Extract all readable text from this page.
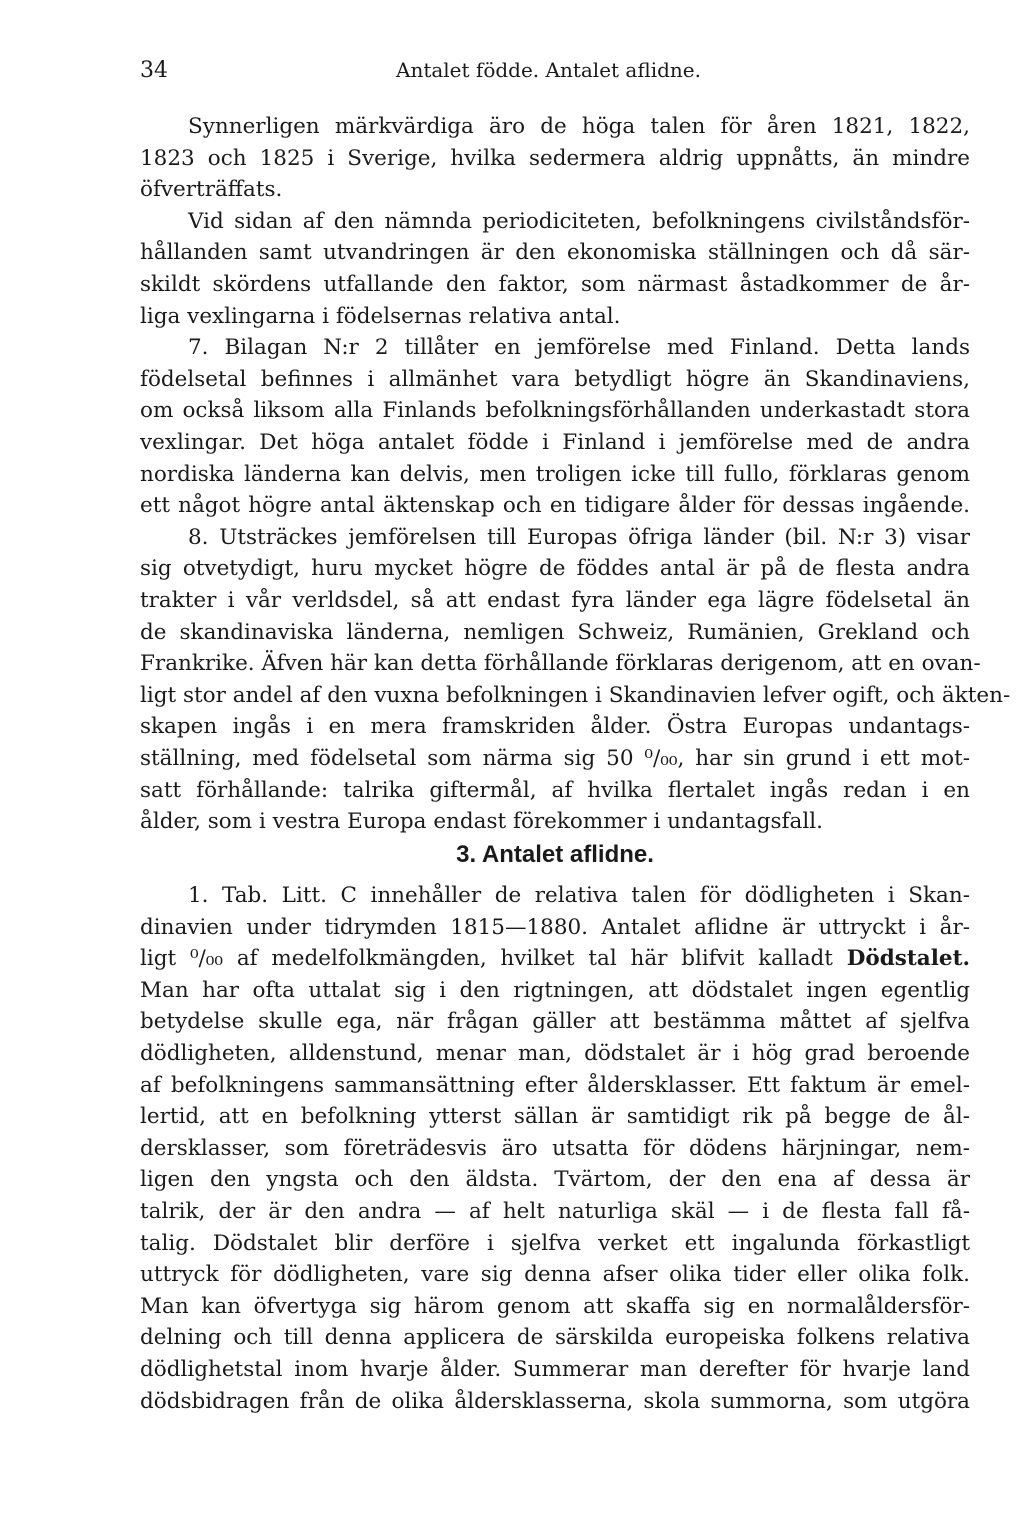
34	Antalet födde. Antalet aflidne.
Synnerligen märkvärdiga äro de höga talen för åren 1821, 1822,
1823 och 1825 i Sverige, hvilka sedermera aldrig uppnåtts, än mindre
öfverträffats.
Vid sidan af den nämnda periodiciteten, befolkningens civilståndsför-
hållanden samt utvandringen är den ekonomiska ställningen och då sär-
skildt skördens utfallande den faktor, som närmast åstadkommer de år-
liga vexlingarna i födelsernas relativa antal.
7. Bilagan N:r 2 tillåter en jemförelse med Finland. Detta lands
födelsetal befinnes i allmänhet vara betydligt högre än Skandinaviens,
om också liksom alla Finlands befolkningsförhållanden underkastadt stora
vexlingar. Det höga antalet födde i Finland i jemförelse med de andra
nordiska länderna kan delvis, men troligen icke till fullo, förklaras genom
ett något högre antal äktenskap och en tidigare ålder för dessas ingående.
8. Utsträckes jemförelsen till Europas öfriga länder (bil. N:r 3) visar
sig otvetydigt, huru mycket högre de föddes antal är på de flesta andra
trakter i vår verldsdel, så att endast fyra länder ega lägre födelsetal än
de skandinaviska länderna, nemligen Schweiz, Rumänien, Grekland och
Frankrike. Äfven här kan detta förhållande förklaras derigenom, att en ovan-
ligt stor andel af den vuxna befolkningen i Skandinavien lefver ogift, och äkten-
skapen ingås i en mera framskriden ålder. Östra Europas undantags-
ställning, med födelsetal som närma sig 50 ⁰/₀₀, har sin grund i ett mot-
satt förhållande: talrika giftermål, af hvilka flertalet ingås redan i en
ålder, som i vestra Europa endast förekommer i undantagsfall.
3. Antalet aflidne.
1. Tab. Litt. C innehåller de relativa talen för dödligheten i Skan-
dinavien under tidrymden 1815—1880. Antalet aflidne är uttryckt i år-
ligt ⁰/₀₀ af medelfolkmängden, hvilket tal här blifvit kalladt Dödstalet.
Man har ofta uttalat sig i den rigtningen, att dödstalet ingen egentlig
betydelse skulle ega, när frågan gäller att bestämma måttet af sjelfva
dödligheten, alldenstund, menar man, dödstalet är i hög grad beroende
af befolkningens sammansättning efter åldersklasser. Ett faktum är emel-
lertid, att en befolkning ytterst sällan är samtidigt rik på begge de ål-
dersklasser, som företrädesvis äro utsatta för dödens härjningar, nem-
ligen den yngsta och den äldsta. Tvärtom, der den ena af dessa är
talrik, der är den andra — af helt naturliga skäl — i de flesta fall få-
talig. Dödstalet blir derföre i sjelfva verket ett ingalunda förkastligt
uttryck för dödligheten, vare sig denna afser olika tider eller olika folk.
Man kan öfvertyga sig härom genom att skaffa sig en normalåldersför-
delning och till denna applicera de särskilda europeiska folkens relativa
dödlighetstal inom hvarje ålder. Summerar man derefter för hvarje land
dödsbidragen från de olika åldersklasserna, skola summorna, som utgöra
